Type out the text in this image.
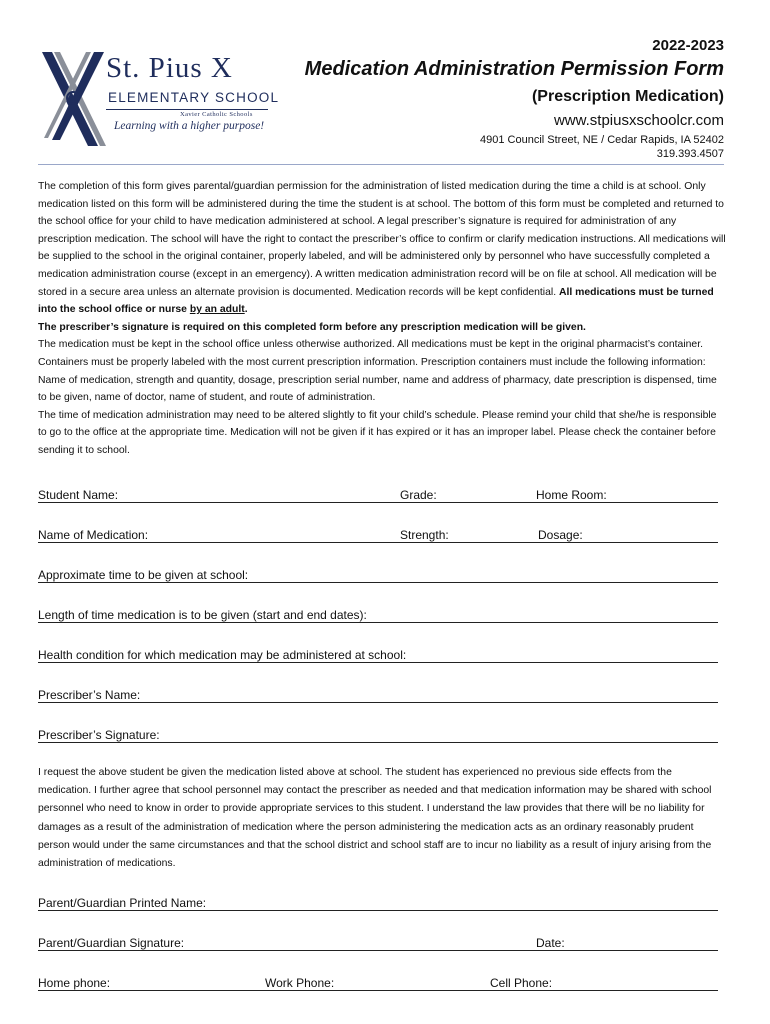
St. Pius X
ELEMENTARY SCHOOL
Xavier Catholic Schools
Learning with a higher purpose!
2022-2023
Medication Administration Permission Form
(Prescription Medication)
www.stpiusxschoolcr.com
4901 Council Street, NE / Cedar Rapids, IA 52402
319.393.4507

The completion of this form gives parental/guardian permission for the administration of listed medication during the time a child is at school. Only medication listed on this form will be administered during the time the student is at school. The bottom of this form must be completed and returned to the school office for your child to have medication administered at school. A legal prescriber’s signature is required for administration of any prescription medication. The school will have the right to contact the prescriber’s office to confirm or clarify medication instructions. All medications will be supplied to the school in the original container, properly labeled, and will be administered only by personnel who have successfully completed a medication administration course (except in an emergency). A written medication administration record will be on file at school. All medication will be stored in a secure area unless an alternate provision is documented. Medication records will be kept confidential. All medications must be turned into the school office or nurse by an adult.

The prescriber’s signature is required on this completed form before any prescription medication will be given.

The medication must be kept in the school office unless otherwise authorized. All medications must be kept in the original pharmacist’s container. Containers must be properly labeled with the most current prescription information. Prescription containers must include the following information: Name of medication, strength and quantity, dosage, prescription serial number, name and address of pharmacy, date prescription is dispensed, time to be given, name of doctor, name of student, and route of administration.

The time of medication administration may need to be altered slightly to fit your child’s schedule. Please remind your child that she/he is responsible to go to the office at the appropriate time. Medication will not be given if it has expired or it has an improper label. Please check the container before sending it to school.

Student Name:	Grade:	Home Room:
Name of Medication:	Strength:	Dosage:
Approximate time to be given at school:
Length of time medication is to be given (start and end dates):
Health condition for which medication may be administered at school:
Prescriber’s Name:
Prescriber’s Signature:
I request the above student be given the medication listed above at school. The student has experienced no previous side effects from the medication. I further agree that school personnel may contact the prescriber as needed and that medication information may be shared with school personnel who need to know in order to provide appropriate services to this student. I understand the law provides that there will be no liability for damages as a result of the administration of medication where the person administering the medication acts as an ordinary reasonably prudent person would under the same circumstances and that the school district and school staff are to incur no liability as a result of injury arising from the administration of medications.
Parent/Guardian Printed Name:
Parent/Guardian Signature:	Date:
Home phone:	Work Phone:	Cell Phone:
